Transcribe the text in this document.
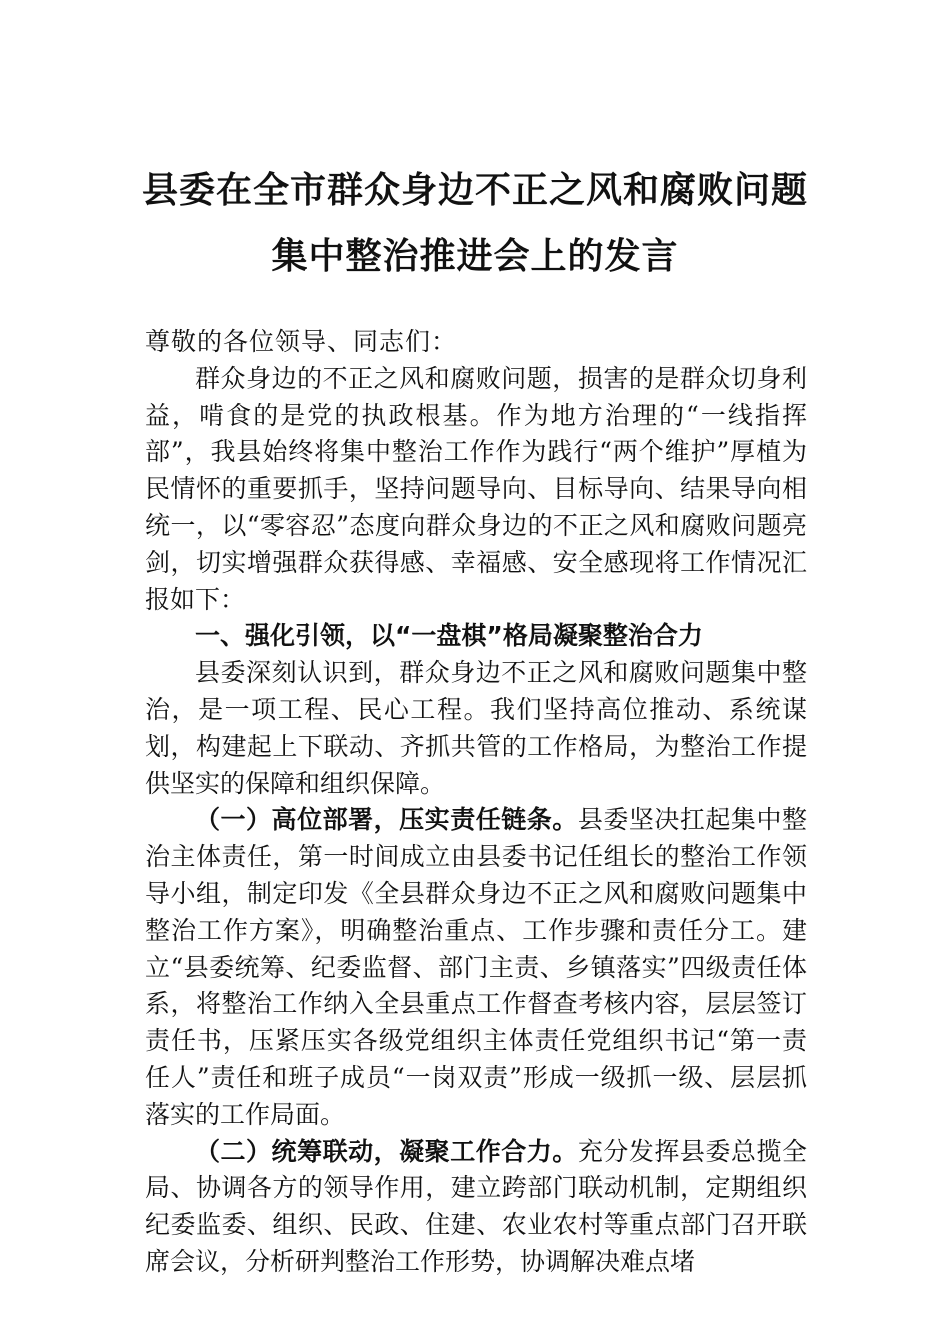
县委在全市群众身边不正之风和腐败问题
集中整治推进会上的发言

尊敬的各位领导、同志们：

群众身边的不正之风和腐败问题，损害的是群众切身利益，啃食的是党的执政根基。作为地方治理的“一线指挥部”，我县始终将集中整治工作作为践行“两个维护”厚植为民情怀的重要抓手，坚持问题导向、目标导向、结果导向相统一，以“零容忍”态度向群众身边的不正之风和腐败问题亮剑，切实增强群众获得感、幸福感、安全感现将工作情况汇报如下：

一、强化引领，以“一盘棋”格局凝聚整治合力

县委深刻认识到，群众身边不正之风和腐败问题集中整治，是一项工程、民心工程。我们坚持高位推动、系统谋划，构建起上下联动、齐抓共管的工作格局，为整治工作提供坚实的保障和组织保障。

（一）高位部署，压实责任链条。县委坚决扛起集中整治主体责任，第一时间成立由县委书记任组长的整治工作领导小组，制定印发《全县群众身边不正之风和腐败问题集中整治工作方案》，明确整治重点、工作步骤和责任分工。建立“县委统筹、纪委监督、部门主责、乡镇落实”四级责任体系，将整治工作纳入全县重点工作督查考核内容，层层签订责任书，压紧压实各级党组织主体责任党组织书记“第一责任人”责任和班子成员“一岗双责”形成一级抓一级、层层抓落实的工作局面。

（二）统筹联动，凝聚工作合力。充分发挥县委总揽全局、协调各方的领导作用，建立跨部门联动机制，定期组织纪委监委、组织、民政、住建、农业农村等重点部门召开联席会议，分析研判整治工作形势，协调解决难点堵
